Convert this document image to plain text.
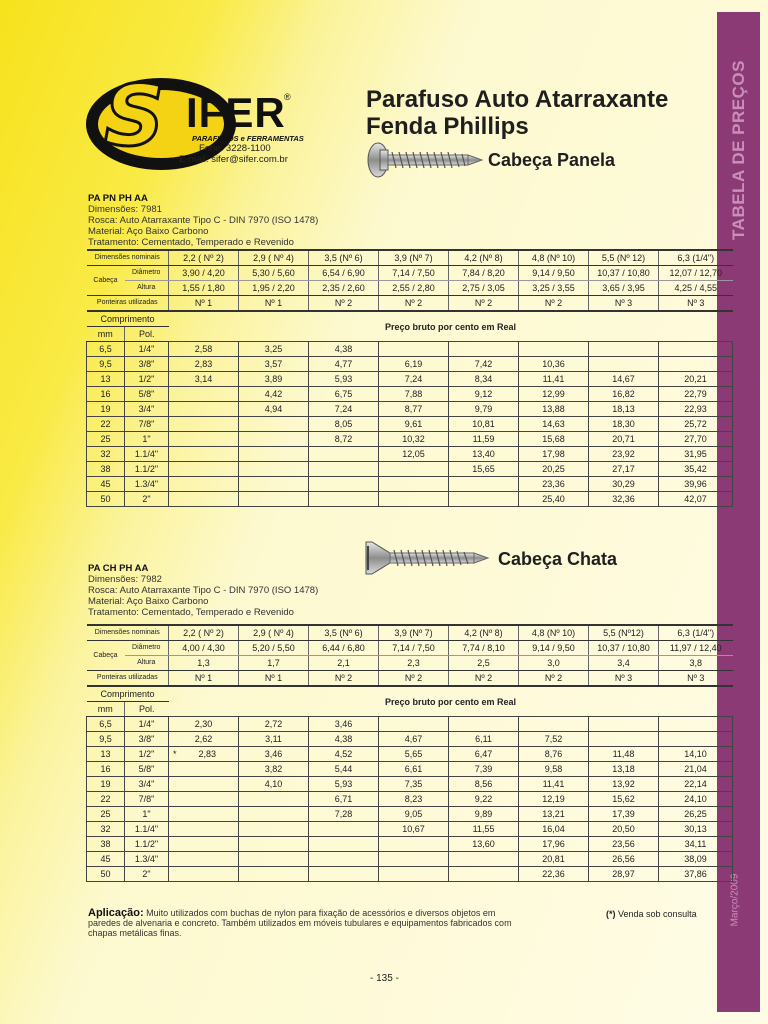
TABELA DE PREÇOS
Março/2009
S IFER
®
PARAFUSOS e FERRAMENTAS
Fone: 3228-1100
E-mail: sifer@sifer.com.br
Parafuso Auto Atarraxante
Fenda Phillips
Cabeça Panela
PA PN PH AA
Dimensões: 7981
Rosca: Auto Atarraxante Tipo C - DIN 7970 (ISO 1478)
Material: Aço Baixo Carbono
Tratamento: Cementado, Temperado e Revenido
Dimensões nominais		2,2 ( Nº 2)	2,9 ( Nº 4)	3,5 (Nº 6)	3,9 (Nº 7)	4,2 (Nº 8)	4,8 (Nº 10)	5,5 (Nº 12)	6,3 (1/4")
Cabeça	Diâmetro	3,90 / 4,20	5,30 / 5,60	6,54 / 6,90	7,14 / 7,50	7,84 / 8,20	9,14 / 9,50	10,37 / 10,80	12,07 / 12,70
	Altura	1,55 / 1,80	1,95 / 2,20	2,35 / 2,60	2,55 / 2,80	2,75 / 3,05	3,25 / 3,55	3,65 / 3,95	4,25 / 4,55
Ponteiras utilizadas		Nº 1	Nº 1	Nº 2	Nº 2	Nº 2	Nº 2	Nº 3	Nº 3
Comprimento		Preço bruto por cento em Real							
mm	Pol.								
6,5	1/4"	2,58	3,25	4,38					
9,5	3/8"	2,83	3,57	4,77	6,19	7,42	10,36		
13	1/2"	3,14	3,89	5,93	7,24	8,34	11,41	14,67	20,21
16	5/8"		4,42	6,75	7,88	9,12	12,99	16,82	22,79
19	3/4"		4,94	7,24	8,77	9,79	13,88	18,13	22,93
22	7/8"			8,05	9,61	10,81	14,63	18,30	25,72
25	1"			8,72	10,32	11,59	15,68	20,71	27,70
32	1.1/4"				12,05	13,40	17,98	23,92	31,95
38	1.1/2"					15,65	20,25	27,17	35,42
45	1.3/4"						23,36	30,29	39,96
50	2"						25,40	32,36	42,07
Cabeça Chata
PA CH PH AA
Dimensões: 7982
Rosca: Auto Atarraxante Tipo C - DIN 7970 (ISO 1478)
Material: Aço Baixo Carbono
Tratamento: Cementado, Temperado e Revenido
Dimensões nominais		2,2 ( Nº 2)	2,9 ( Nº 4)	3,5 (Nº 6)	3,9 (Nº 7)	4,2 (Nº 8)	4,8 (Nº 10)	5,5 (Nº12)	6,3 (1/4")
Cabeça	Diâmetro	4,00 / 4,30	5,20 / 5,50	6,44 / 6,80	7,14 / 7,50	7,74 / 8,10	9,14 / 9,50	10,37 / 10,80	11,97 / 12,40
	Altura	1,3	1,7	2,1	2,3	2,5	3,0	3,4	3,8
Ponteiras utilizadas		Nº 1	Nº 1	Nº 2	Nº 2	Nº 2	Nº 2	Nº 3	Nº 3
Comprimento		Preço bruto por cento em Real							
mm	Pol.								
6,5	1/4"	2,30	2,72	3,46					
9,5	3/8"	2,62	3,11	4,38	4,67	6,11	7,52		
13	1/2"	* 2,83	3,46	4,52	5,65	6,47	8,76	11,48	14,10
16	5/8"		3,82	5,44	6,61	7,39	9,58	13,18	21,04
19	3/4"		4,10	5,93	7,35	8,56	11,41	13,92	22,14
22	7/8"			6,71	8,23	9,22	12,19	15,62	24,10
25	1"			7,28	9,05	9,89	13,21	17,39	26,25
32	1.1/4"				10,67	11,55	16,04	20,50	30,13
38	1.1/2"					13,60	17,96	23,56	34,11
45	1.3/4"						20,81	26,56	38,09
50	2"						22,36	28,97	37,86
Aplicação: Muito utilizados com buchas de nylon para fixação de acessórios e diversos objetos em paredes de alvenaria e concreto. Também utilizados em móveis tubulares e equipamentos fabricados com chapas metálicas finas.
(*) Venda sob consulta
- 135 -
